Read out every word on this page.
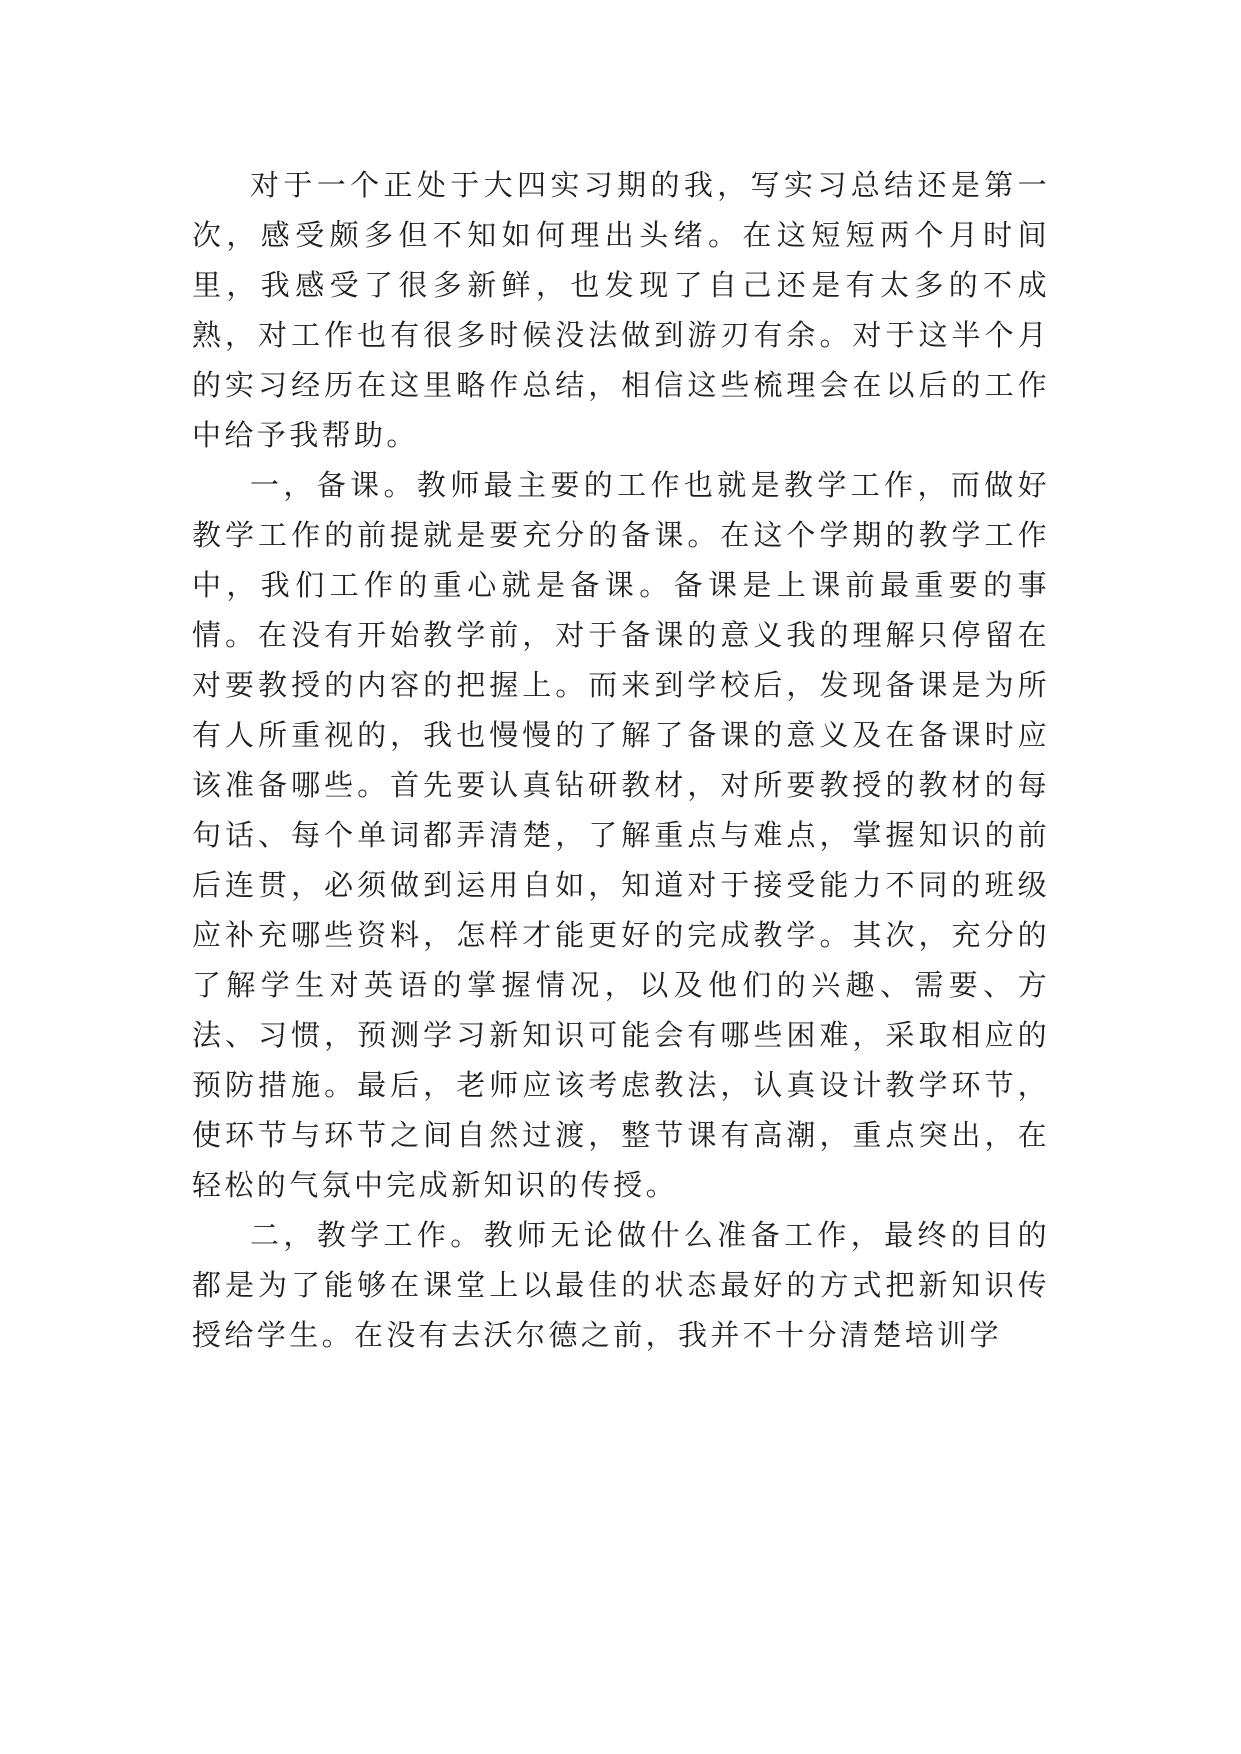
对于一个正处于大四实习期的我，写实习总结还是第一次，感受颇多但不知如何理出头绪。在这短短两个月时间里，我感受了很多新鲜，也发现了自己还是有太多的不成熟，对工作也有很多时候没法做到游刃有余。对于这半个月的实习经历在这里略作总结，相信这些梳理会在以后的工作中给予我帮助。

一，备课。教师最主要的工作也就是教学工作，而做好教学工作的前提就是要充分的备课。在这个学期的教学工作中，我们工作的重心就是备课。备课是上课前最重要的事情。在没有开始教学前，对于备课的意义我的理解只停留在对要教授的内容的把握上。而来到学校后，发现备课是为所有人所重视的，我也慢慢的了解了备课的意义及在备课时应该准备哪些。首先要认真钻研教材，对所要教授的教材的每句话、每个单词都弄清楚，了解重点与难点，掌握知识的前后连贯，必须做到运用自如，知道对于接受能力不同的班级应补充哪些资料，怎样才能更好的完成教学。其次，充分的了解学生对英语的掌握情况，以及他们的兴趣、需要、方法、习惯，预测学习新知识可能会有哪些困难，采取相应的预防措施。最后，老师应该考虑教法，认真设计教学环节，使环节与环节之间自然过渡，整节课有高潮，重点突出，在轻松的气氛中完成新知识的传授。

二，教学工作。教师无论做什么准备工作，最终的目的都是为了能够在课堂上以最佳的状态最好的方式把新知识传授给学生。在没有去沃尔德之前，我并不十分清楚培训学
